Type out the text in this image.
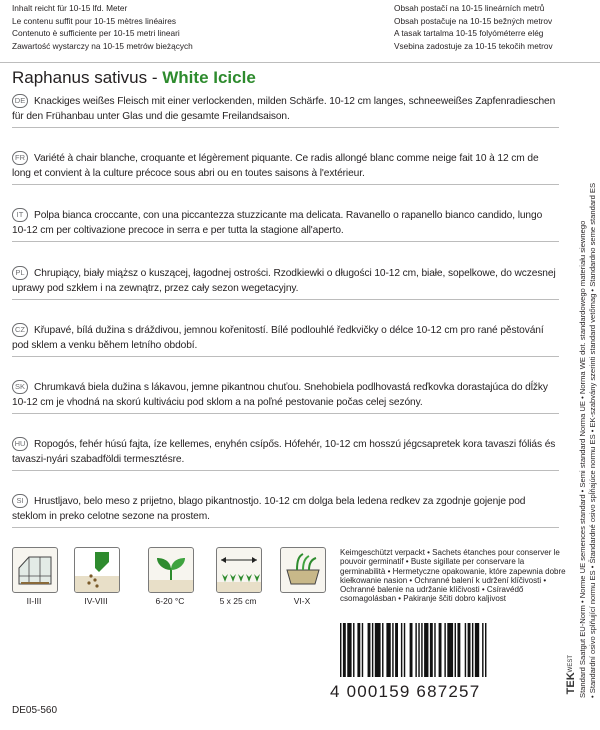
Inhalt reicht für 10-15 lfd. Meter
Le contenu suffit pour 10-15 mètres linéaires
Contenuto è sufficiente per 10-15 metri lineari
Zawartość wystarczy na 10-15 metrów bieżących
Obsah postačí na 10-15 lineárních metrů
Obsah postačuje na 10-15 bežných metrov
A tasak tartalma 10-15 folyóméterre elég
Vsebina zadostuje za 10-15 tekočih metrov
Raphanus sativus - White Icicle
DE Knackiges weißes Fleisch mit einer verlockenden, milden Schärfe. 10-12 cm langes, schneeweißes Zapfenradieschen für den Frühanbau unter Glas und die gesamte Freilandsaison.
FR Variété à chair blanche, croquante et légèrement piquante. Ce radis allongé blanc comme neige fait 10 à 12 cm de long et convient à la culture précoce sous abri ou en toutes saisons à l'extérieur.
IT Polpa bianca croccante, con una piccantezza stuzzicante ma delicata. Ravanello o rapanello bianco candido, lungo 10-12 cm per coltivazione precoce in serra e per tutta la stagione all'aperto.
PL Chrupiący, biały miąższ o kuszącej, łagodnej ostrości. Rzodkiewki o długości 10-12 cm, białe, sopelkowe, do wczesnej uprawy pod szkłem i na zewnątrz, przez cały sezon wegetacyjny.
CZ Křupavé, bílá dužina s dráždivou, jemnou kořenitostí. Bílé podlouhlé ředkvičky o délce 10-12 cm pro rané pěstování pod sklem a venku během letního období.
SK Chrumkavá biela dužina s lákavou, jemne pikantnou chuťou. Snehobiela podlhovastá reďkovka dorastajúca do dĺžky 10-12 cm je vhodná na skorú kultiváciu pod sklom a na poľné pestovanie počas celej sezóny.
HU Ropogós, fehér húsú fajta, íze kellemes, enyhén csípős. Hófehér, 10-12 cm hosszú jégcsapretek kora tavaszi fóliás és tavaszi-nyári szabadföldi termesztésre.
SI Hrustljavo, belo meso z prijetno, blago pikantnostjo. 10-12 cm dolga bela ledena redkev za zgodnje gojenje pod steklom in preko celotne sezone na prostem.	Standard Saatgut EU-Norm • Norme UE semences standard • Semi standard Norma UE • Norma WE dot. standardowego materiału siewnego • Standardní osivo splňující normu ES • Štandardné osivo spĺňajúce normu ES • EK-szabvány szerinti standard vetőmag • Standardno seme standard ES
II-III	IV-VIII	6-20 °C	5 x 25 cm	VI-X
Keimgeschützt verpackt • Sachets étanches pour conserver le pouvoir germinatif • Buste sigillate per conservare la germinabilità • Hermetyczne opakowanie, które zapewnia dobre kiełkowanie nasion • Ochranné balení k udržení klíčivosti • Ochranné balenie na udržanie klíčivosti • Csíravédő csomagolásban • Pakiranje ščiti dobro kaljivost
4 000159 687257	TEKWEST
DE05-560
